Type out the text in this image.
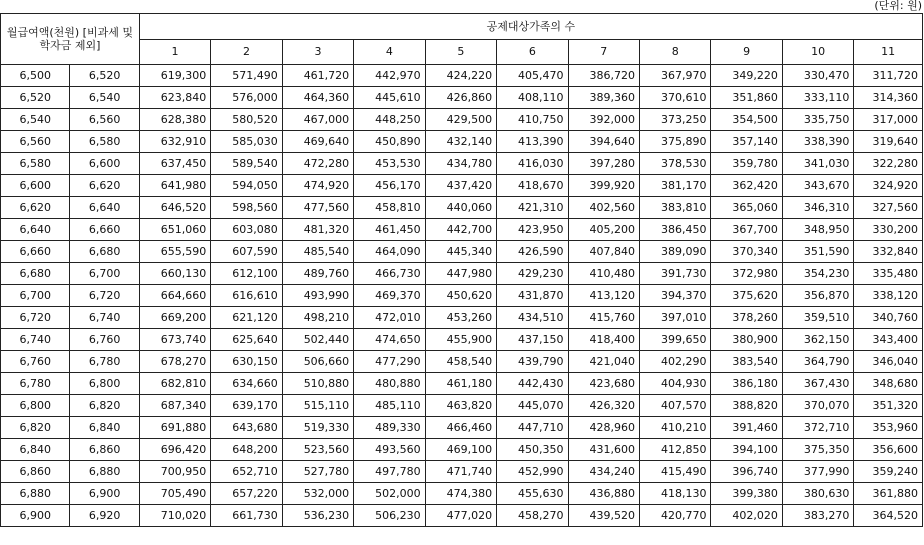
(단위: 원)
월급여액(천원) [비과세 및 학자금 제외]		공제대상가족의 수										
		1	2	3	4	5	6	7	8	9	10	11
6,500	6,520	619,300	571,490	461,720	442,970	424,220	405,470	386,720	367,970	349,220	330,470	311,720
6,520	6,540	623,840	576,000	464,360	445,610	426,860	408,110	389,360	370,610	351,860	333,110	314,360
6,540	6,560	628,380	580,520	467,000	448,250	429,500	410,750	392,000	373,250	354,500	335,750	317,000
6,560	6,580	632,910	585,030	469,640	450,890	432,140	413,390	394,640	375,890	357,140	338,390	319,640
6,580	6,600	637,450	589,540	472,280	453,530	434,780	416,030	397,280	378,530	359,780	341,030	322,280
6,600	6,620	641,980	594,050	474,920	456,170	437,420	418,670	399,920	381,170	362,420	343,670	324,920
6,620	6,640	646,520	598,560	477,560	458,810	440,060	421,310	402,560	383,810	365,060	346,310	327,560
6,640	6,660	651,060	603,080	481,320	461,450	442,700	423,950	405,200	386,450	367,700	348,950	330,200
6,660	6,680	655,590	607,590	485,540	464,090	445,340	426,590	407,840	389,090	370,340	351,590	332,840
6,680	6,700	660,130	612,100	489,760	466,730	447,980	429,230	410,480	391,730	372,980	354,230	335,480
6,700	6,720	664,660	616,610	493,990	469,370	450,620	431,870	413,120	394,370	375,620	356,870	338,120
6,720	6,740	669,200	621,120	498,210	472,010	453,260	434,510	415,760	397,010	378,260	359,510	340,760
6,740	6,760	673,740	625,640	502,440	474,650	455,900	437,150	418,400	399,650	380,900	362,150	343,400
6,760	6,780	678,270	630,150	506,660	477,290	458,540	439,790	421,040	402,290	383,540	364,790	346,040
6,780	6,800	682,810	634,660	510,880	480,880	461,180	442,430	423,680	404,930	386,180	367,430	348,680
6,800	6,820	687,340	639,170	515,110	485,110	463,820	445,070	426,320	407,570	388,820	370,070	351,320
6,820	6,840	691,880	643,680	519,330	489,330	466,460	447,710	428,960	410,210	391,460	372,710	353,960
6,840	6,860	696,420	648,200	523,560	493,560	469,100	450,350	431,600	412,850	394,100	375,350	356,600
6,860	6,880	700,950	652,710	527,780	497,780	471,740	452,990	434,240	415,490	396,740	377,990	359,240
6,880	6,900	705,490	657,220	532,000	502,000	474,380	455,630	436,880	418,130	399,380	380,630	361,880
6,900	6,920	710,020	661,730	536,230	506,230	477,020	458,270	439,520	420,770	402,020	383,270	364,520
